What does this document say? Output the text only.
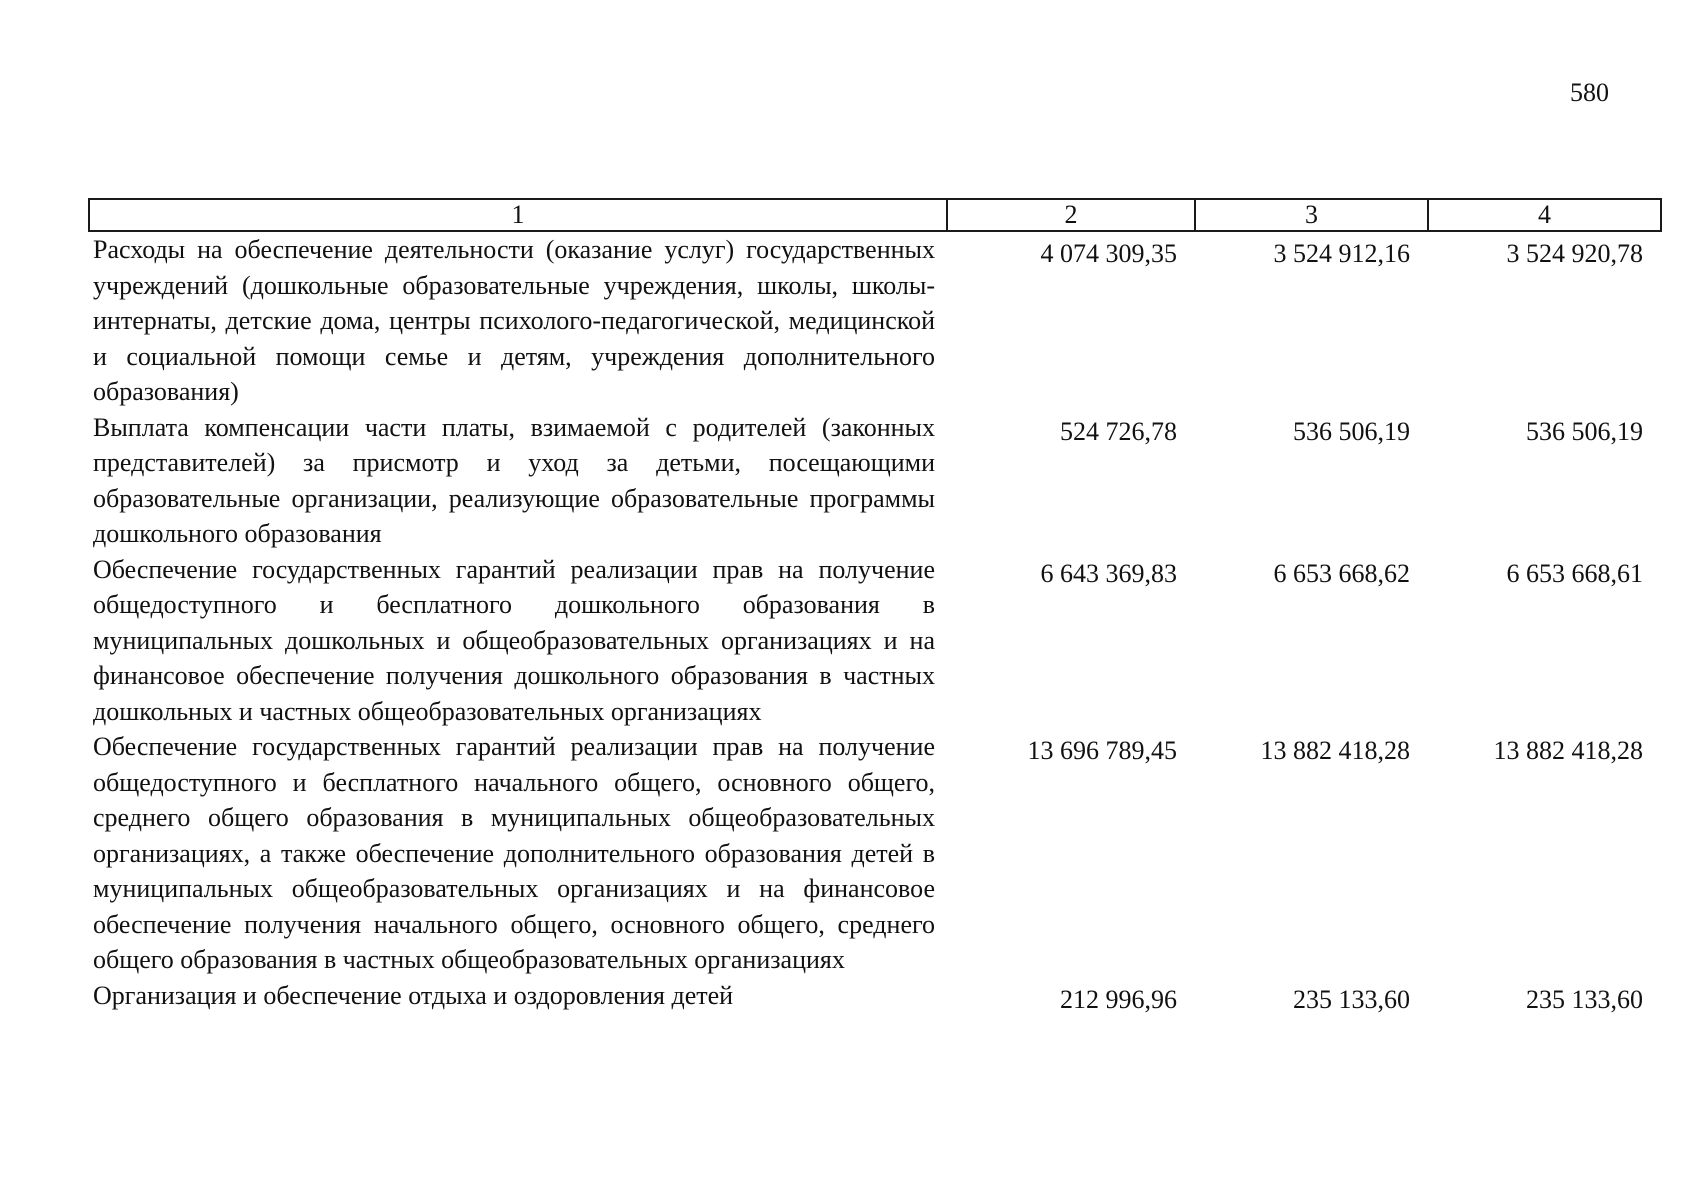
580
1	2	3	4
Расходы на обеспечение деятельности (оказание услуг) государственных учреждений (дошкольные образовательные учреждения, школы, школы-интернаты, детские дома, центры психолого-педагогической, медицинской и социальной помощи семье и детям, учреждения дополнительного образования)	4 074 309,35	3 524 912,16	3 524 920,78
Выплата компенсации части платы, взимаемой с родителей (законных представителей) за присмотр и уход за детьми, посещающими образовательные организации, реализующие образовательные программы дошкольного образования	524 726,78	536 506,19	536 506,19
Обеспечение государственных гарантий реализации прав на получение общедоступного и бесплатного дошкольного образования в муниципальных дошкольных и общеобразовательных организациях и на финансовое обеспечение получения дошкольного образования в частных дошкольных и частных общеобразовательных организациях	6 643 369,83	6 653 668,62	6 653 668,61
Обеспечение государственных гарантий реализации прав на получение общедоступного и бесплатного начального общего, основного общего, среднего общего образования в муниципальных общеобразовательных организациях, а также обеспечение дополнительного образования детей в муниципальных общеобразовательных организациях и на финансовое обеспечение получения начального общего, основного общего, среднего общего образования в частных общеобразовательных организациях	13 696 789,45	13 882 418,28	13 882 418,28
Организация и обеспечение отдыха и оздоровления детей	212 996,96	235 133,60	235 133,60
